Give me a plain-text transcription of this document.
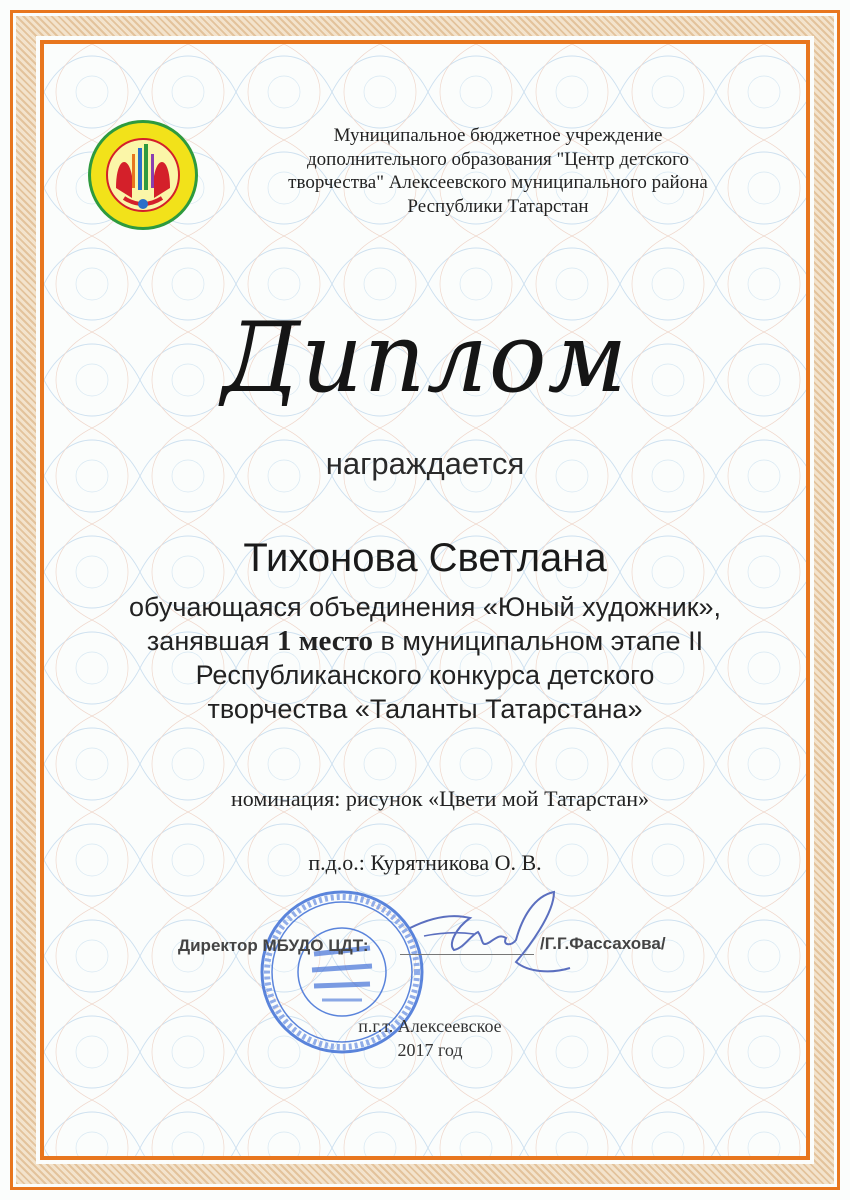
Муниципальное бюджетное учреждение
дополнительного образования "Центр детского
творчества" Алексеевского муниципального района
Республики Татарстан
Диплом
награждается
Тихонова Светлана
обучающаяся объединения «Юный художник»,
занявшая 1 место в муниципальном этапе II
Республиканского конкурса детского
творчества «Таланты Татарстана»
номинация: рисунок «Цвети мой Татарстан»
п.д.о.: Курятникова О. В.
Директор МБУДО ЦДТ:	/Г.Г.Фассахова/
п.г.т. Алексеевское
2017 год
